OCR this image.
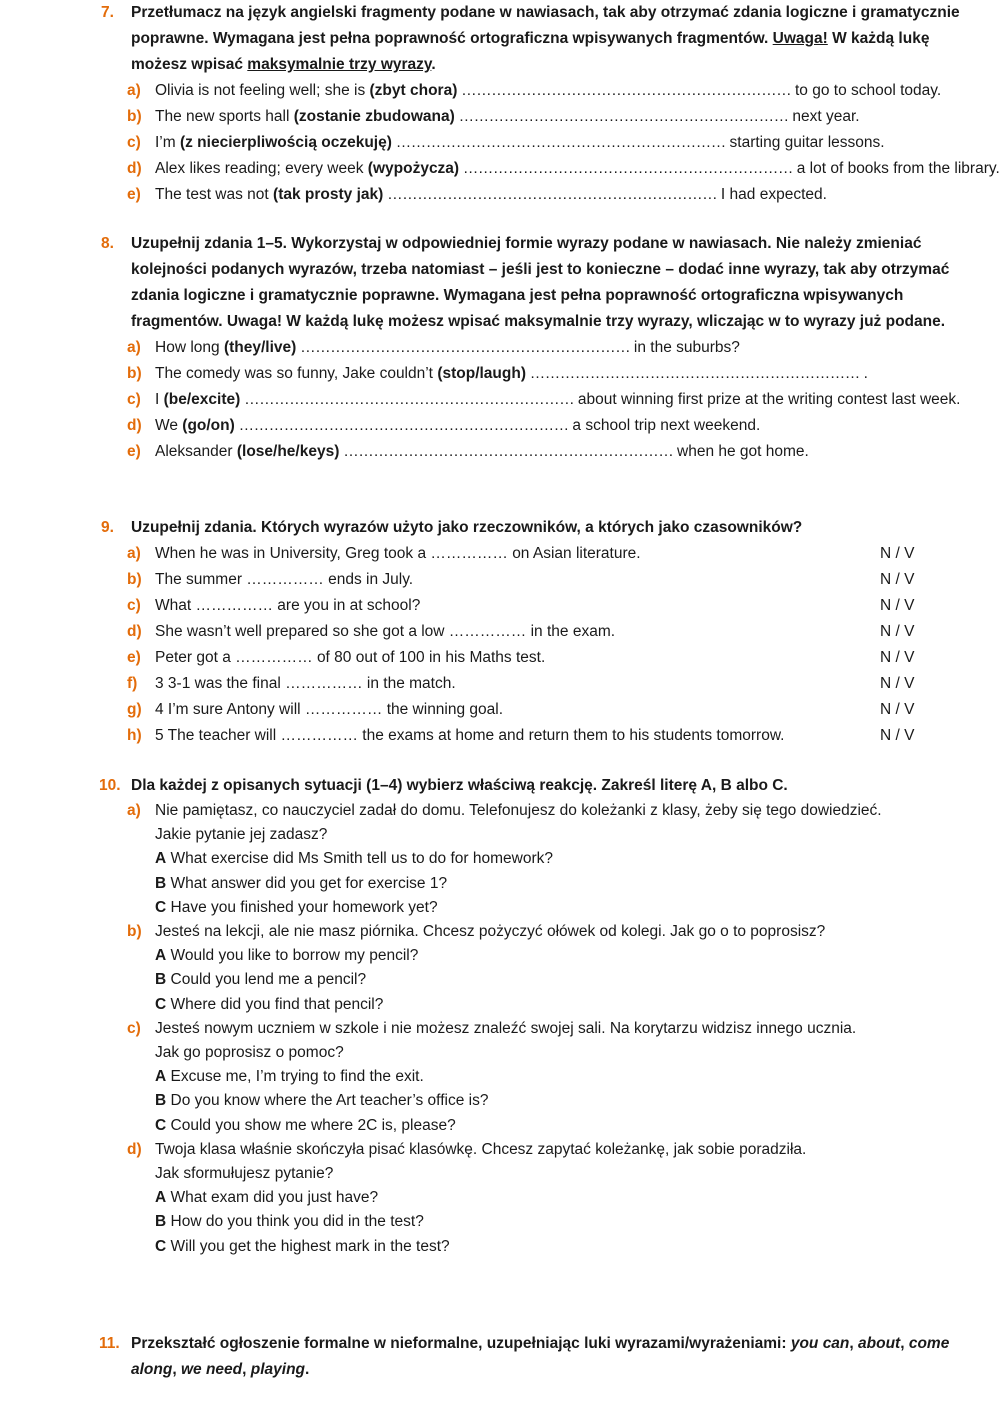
7. Przetłumacz na język angielski fragmenty podane w nawiasach, tak aby otrzymać zdania logiczne i gramatycznie poprawne. Wymagana jest pełna poprawność ortograficzna wpisywanych fragmentów. Uwaga! W każdą lukę możesz wpisać maksymalnie trzy wyrazy.
a) Olivia is not feeling well; she is (zbyt chora) ………………………………………………………… to go to school today.
b) The new sports hall (zostanie zbudowana) ………………………………………………………… next year.
c) I’m (z niecierpliwością oczekuję) ………………………………………………………… starting guitar lessons.
d) Alex likes reading; every week (wypożycza) ………………………………………………………… a lot of books from the library.
e) The test was not (tak prosty jak) ………………………………………………………… I had expected.
8. Uzupełnij zdania 1–5. Wykorzystaj w odpowiedniej formie wyrazy podane w nawiasach. Nie należy zmieniać kolejności podanych wyrazów, trzeba natomiast – jeśli jest to konieczne – dodać inne wyrazy, tak aby otrzymać zdania logiczne i gramatycznie poprawne. Wymagana jest pełna poprawność ortograficzna wpisywanych fragmentów. Uwaga! W każdą lukę możesz wpisać maksymalnie trzy wyrazy, wliczając w to wyrazy już podane.
a) How long (they/live) ………………………………………………………… in the suburbs?
b) The comedy was so funny, Jake couldn’t (stop/laugh) ………………………………………………………… .
c) I (be/excite) ………………………………………………………… about winning first prize at the writing contest last week.
d) We (go/on) ………………………………………………………… a school trip next weekend.
e) Aleksander (lose/he/keys) ………………………………………………………… when he got home.
9. Uzupełnij zdania. Których wyrazów użyto jako rzeczowników, a których jako czasowników?
a) When he was in University, Greg took a …………… on Asian literature.	N / V
b) The summer …………… ends in July.	N / V
c) What …………… are you in at school?	N / V
d) She wasn’t well prepared so she got a low …………… in the exam.	N / V
e) Peter got a …………… of 80 out of 100 in his Maths test.	N / V
f) 3 3-1 was the final …………… in the match.	N / V
g) 4 I’m sure Antony will …………… the winning goal.	N / V
h) 5 The teacher will …………… the exams at home and return them to his students tomorrow.	N / V
10. Dla każdej z opisanych sytuacji (1–4) wybierz właściwą reakcję. Zakreśl literę A, B albo C.
a) Nie pamiętasz, co nauczyciel zadał do domu. Telefonujesz do koleżanki z klasy, żeby się tego dowiedzieć.
Jakie pytanie jej zadasz?
A What exercise did Ms Smith tell us to do for homework?
B What answer did you get for exercise 1?
C Have you finished your homework yet?
b) Jesteś na lekcji, ale nie masz piórnika. Chcesz pożyczyć ołówek od kolegi. Jak go o to poprosisz?
A Would you like to borrow my pencil?
B Could you lend me a pencil?
C Where did you find that pencil?
c) Jesteś nowym uczniem w szkole i nie możesz znaleźć swojej sali. Na korytarzu widzisz innego ucznia.
Jak go poprosisz o pomoc?
A Excuse me, I’m trying to find the exit.
B Do you know where the Art teacher’s office is?
C Could you show me where 2C is, please?
d) Twoja klasa właśnie skończyła pisać klasówkę. Chcesz zapytać koleżankę, jak sobie poradziła.
Jak sformułujesz pytanie?
A What exam did you just have?
B How do you think you did in the test?
C Will you get the highest mark in the test?
11. Przekształć ogłoszenie formalne w nieformalne, uzupełniając luki wyrazami/wyrażeniami: you can, about, come along, we need, playing.
